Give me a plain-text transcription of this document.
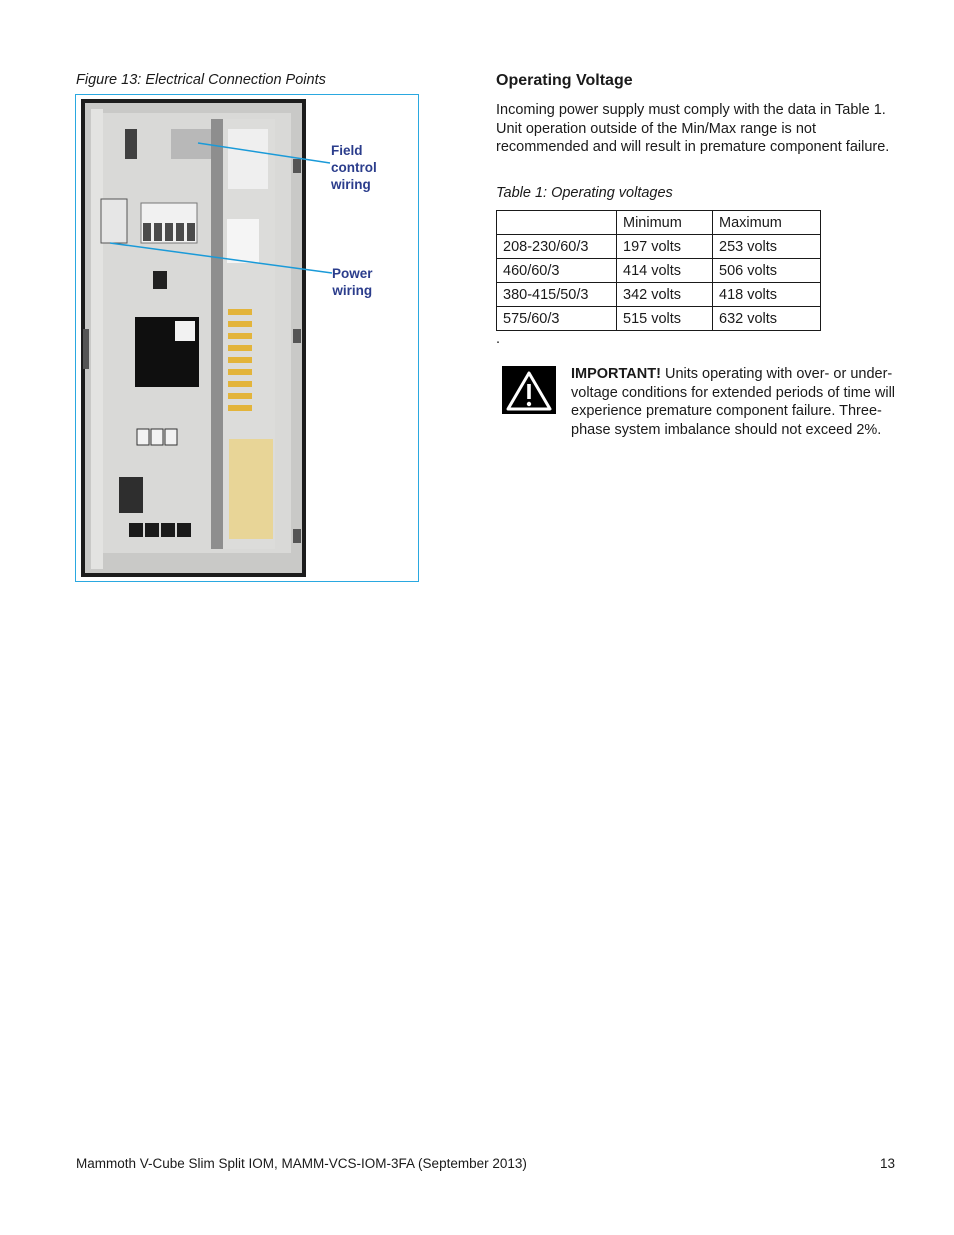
Figure 13: Electrical Connection Points
Field
control
wiring
Power
wiring
Operating Voltage
Incoming power supply must comply with the data in Table 1. Unit operation outside of the Min/Max range is not recommended and will result in premature component failure.
Table 1: Operating voltages
	Minimum	Maximum
208-230/60/3	197 volts	253 volts
460/60/3	414 volts	506 volts
380-415/50/3	342 volts	418 volts
575/60/3	515 volts	632 volts
.
IMPORTANT! Units operating with over- or under-voltage conditions for extended periods of time will experience premature component failure. Three-phase system imbalance should not exceed 2%.
Mammoth V-Cube Slim Split IOM, MAMM-VCS-IOM-3FA (September 2013)	13
